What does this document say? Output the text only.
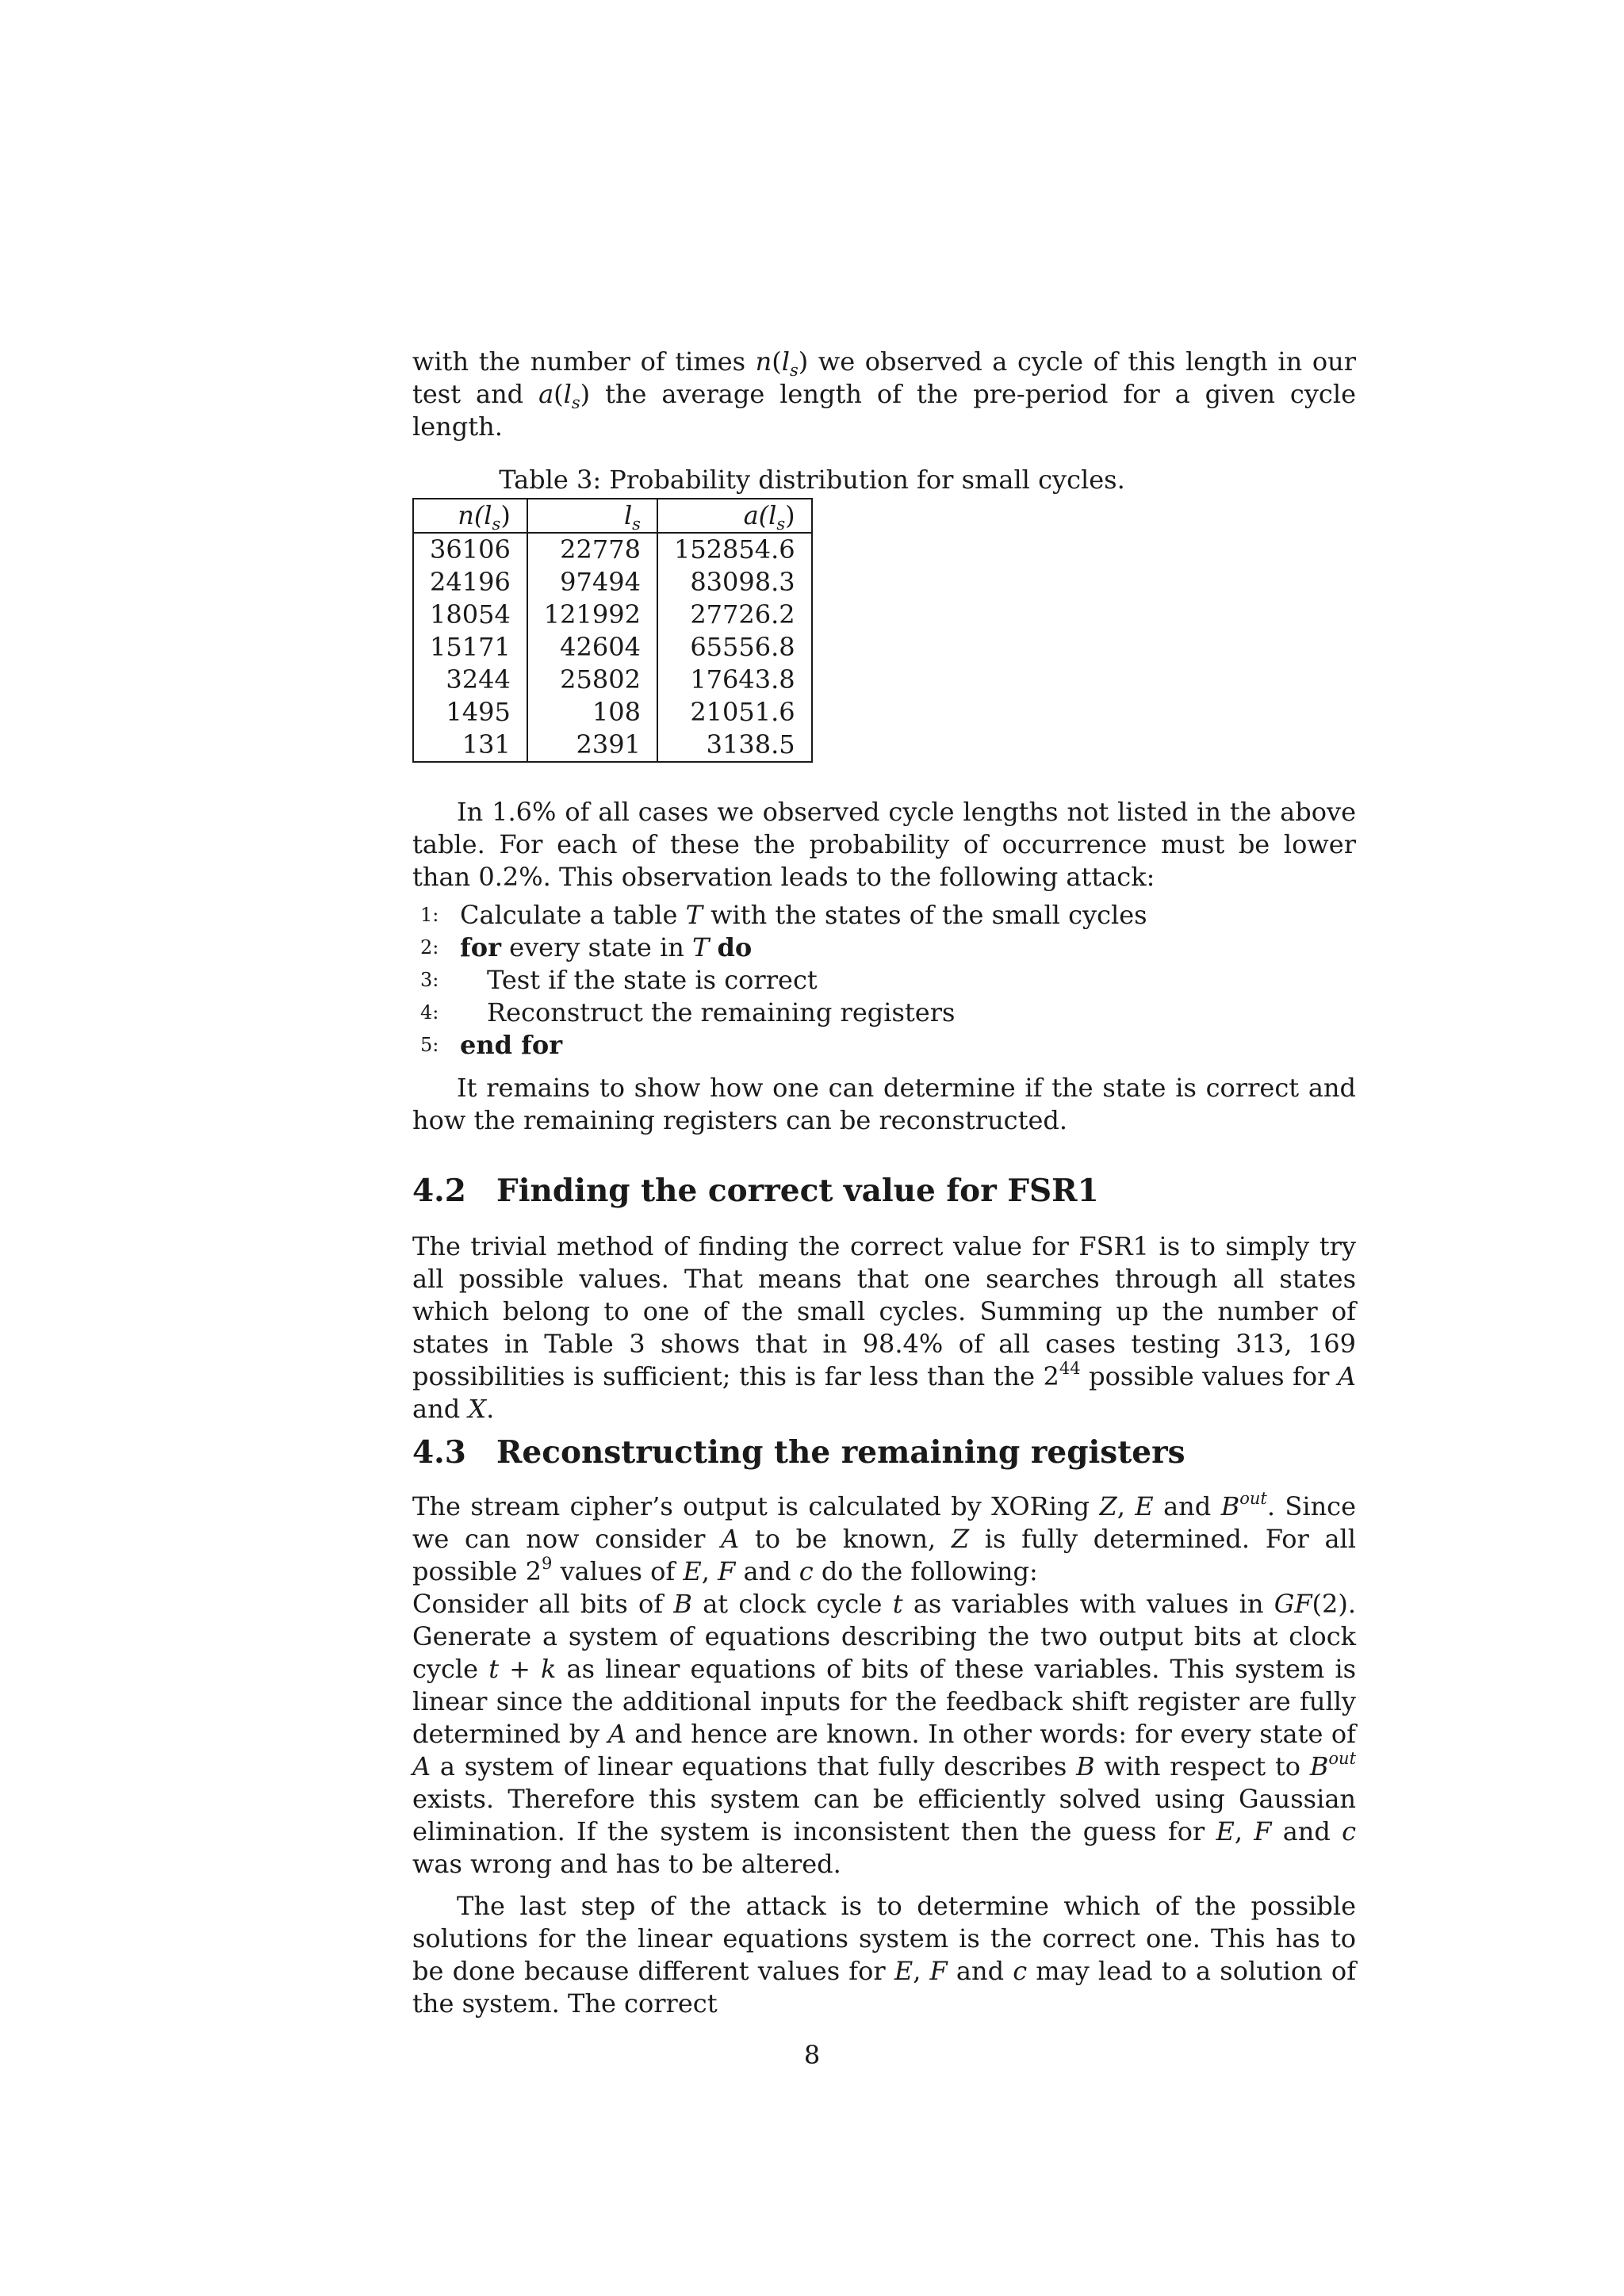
with the number of times $n(l_s)$ we observed a cycle of this length in our test and $a(l_s)$ the average length of the pre-period for a given cycle length.

Table 3: Probability distribution for small cycles.
$n(l_s)$	$l_s$	$a(l_s)$
36106	22778	152854.6
24196	97494	83098.3
18054	121992	27726.2
15171	42604	65556.8
3244	25802	17643.8
1495	108	21051.6
131	2391	3138.5

In 1.6% of all cases we observed cycle lengths not listed in the above table. For each of these the probability of occurrence must be lower than 0.2%. This observation leads to the following attack:

1: Calculate a table T with the states of the small cycles
2: for every state in T do
3: Test if the state is correct
4: Reconstruct the remaining registers
5: end for

It remains to show how one can determine if the state is correct and how the remaining registers can be reconstructed.

4.2 Finding the correct value for FSR1

The trivial method of finding the correct value for FSR1 is to simply try all possible values. That means that one searches through all states which belong to one of the small cycles. Summing up the number of states in Table 3 shows that in 98.4% of all cases testing 313, 169 possibilities is sufficient; this is far less than the $2^{44}$ possible values for A and X.

4.3 Reconstructing the remaining registers

The stream cipher’s output is calculated by XORing Z, E and $B^{out}$. Since we can now consider A to be known, Z is fully determined. For all possible $2^9$ values of E, F and c do the following:

Consider all bits of B at clock cycle t as variables with values in GF(2). Generate a system of equations describing the two output bits at clock cycle t + k as linear equations of bits of these variables. This system is linear since the additional inputs for the feedback shift register are fully determined by A and hence are known. In other words: for every state of A a system of linear equations that fully describes B with respect to $B^{out}$ exists. Therefore this system can be efficiently solved using Gaussian elimination. If the system is inconsistent then the guess for E, F and c was wrong and has to be altered.

The last step of the attack is to determine which of the possible solutions for the linear equations system is the correct one. This has to be done because different values for E, F and c may lead to a solution of the system. The correct

8
